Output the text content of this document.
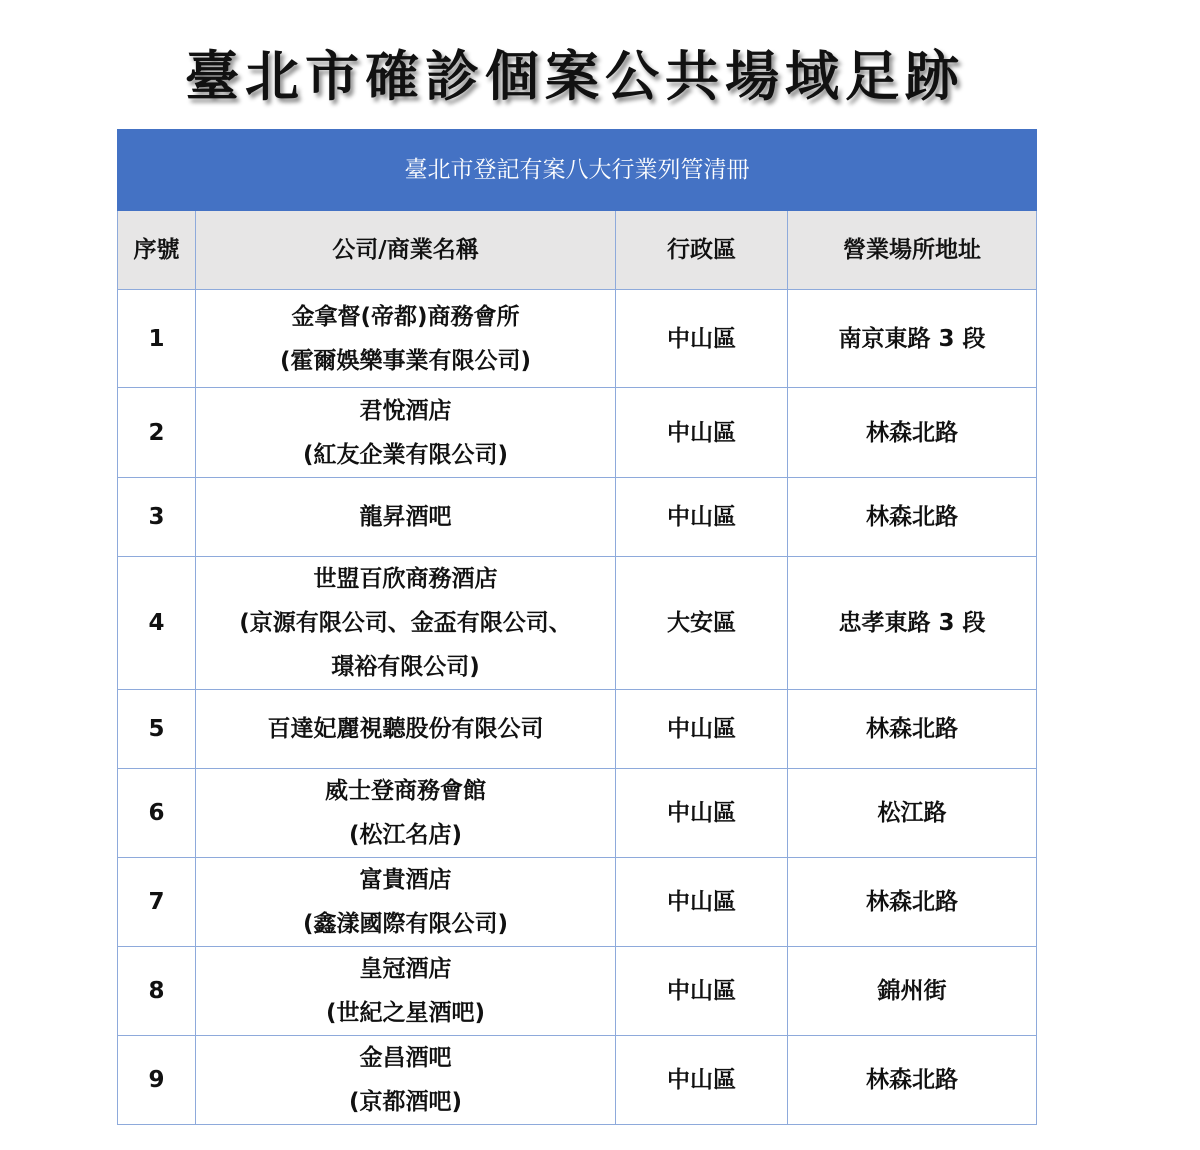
臺北市確診個案公共場域足跡
臺北市登記有案八大行業列管清冊			
序號	公司/商業名稱	行政區	營業場所地址
1	金拿督(帝都)商務會所
(霍爾娛樂事業有限公司)	中山區	南京東路 3 段
2	君悅酒店
(紅友企業有限公司)	中山區	林森北路
3	龍昇酒吧	中山區	林森北路
4	世盟百欣商務酒店
(京源有限公司、金盃有限公司、
璟裕有限公司)	大安區	忠孝東路 3 段
5	百達妃麗視聽股份有限公司	中山區	林森北路
6	威士登商務會館
(松江名店)	中山區	松江路
7	富貴酒店
(鑫漾國際有限公司)	中山區	林森北路
8	皇冠酒店
(世紀之星酒吧)	中山區	錦州街
9	金昌酒吧
(京都酒吧)	中山區	林森北路
